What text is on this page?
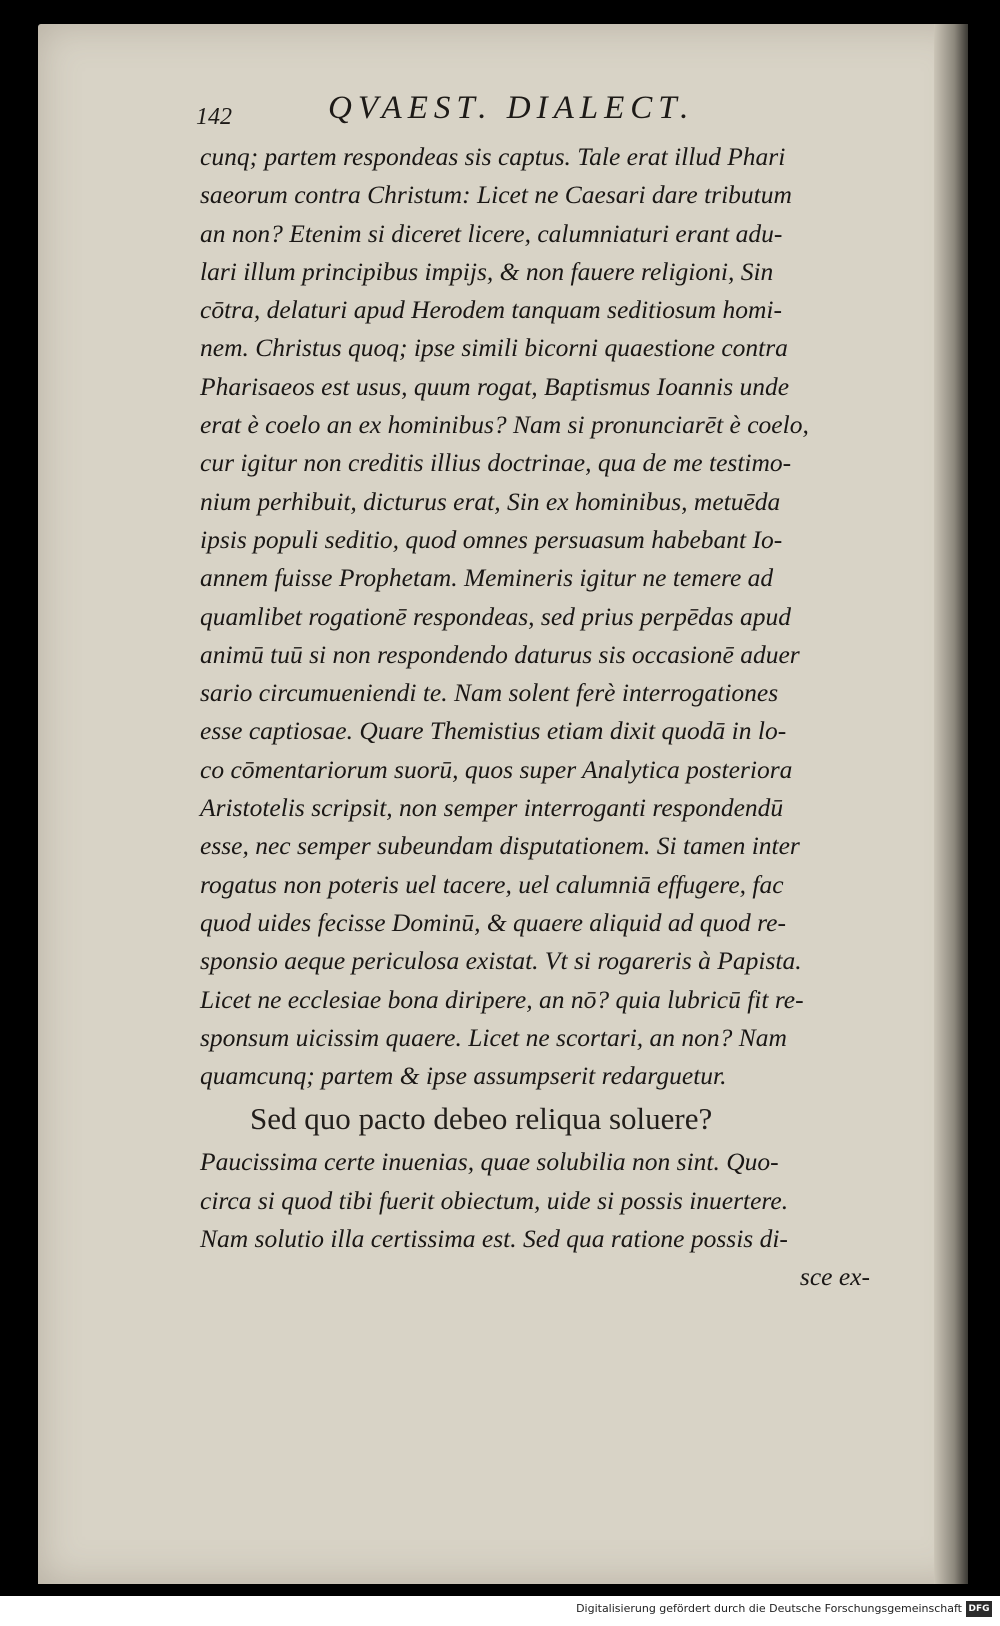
142	QVAEST. DIALECT.
cunq; partem respondeas sis captus. Tale erat illud Phari
saeorum contra Christum: Licet ne Caesari dare tributum
an non? Etenim si diceret licere, calumniaturi erant adu-
lari illum principibus impijs, & non fauere religioni, Sin
cōtra, delaturi apud Herodem tanquam seditiosum homi-
nem. Christus quoq; ipse simili bicorni quaestione contra
Pharisaeos est usus, quum rogat, Baptismus Ioannis unde
erat è coelo an ex hominibus? Nam si pronunciarēt è coelo,
cur igitur non creditis illius doctrinae, qua de me testimo-
nium perhibuit, dicturus erat, Sin ex hominibus, metuēda
ipsis populi seditio, quod omnes persuasum habebant Io-
annem fuisse Prophetam. Memineris igitur ne temere ad
quamlibet rogationē respondeas, sed prius perpēdas apud
animū tuū si non respondendo daturus sis occasionē aduer
sario circumueniendi te. Nam solent ferè interrogationes
esse captiosae. Quare Themistius etiam dixit quodā in lo-
co cōmentariorum suorū, quos super Analytica posteriora
Aristotelis scripsit, non semper interroganti respondendū
esse, nec semper subeundam disputationem. Si tamen inter
rogatus non poteris uel tacere, uel calumniā effugere, fac
quod uides fecisse Dominū, & quaere aliquid ad quod re-
sponsio aeque periculosa existat. Vt si rogareris à Papista.
Licet ne ecclesiae bona diripere, an nō? quia lubricū fit re-
sponsum uicissim quaere. Licet ne scortari, an non? Nam
quamcunq; partem & ipse assumpserit redarguetur.
Sed quo pacto debeo reliqua soluere?
Paucissima certe inuenias, quae solubilia non sint. Quo-
circa si quod tibi fuerit obiectum, uide si possis inuertere.
Nam solutio illa certissima est. Sed qua ratione possis di-
sce ex-
Digitalisierung gefördert durch die Deutsche Forschungsgemeinschaft DFG
